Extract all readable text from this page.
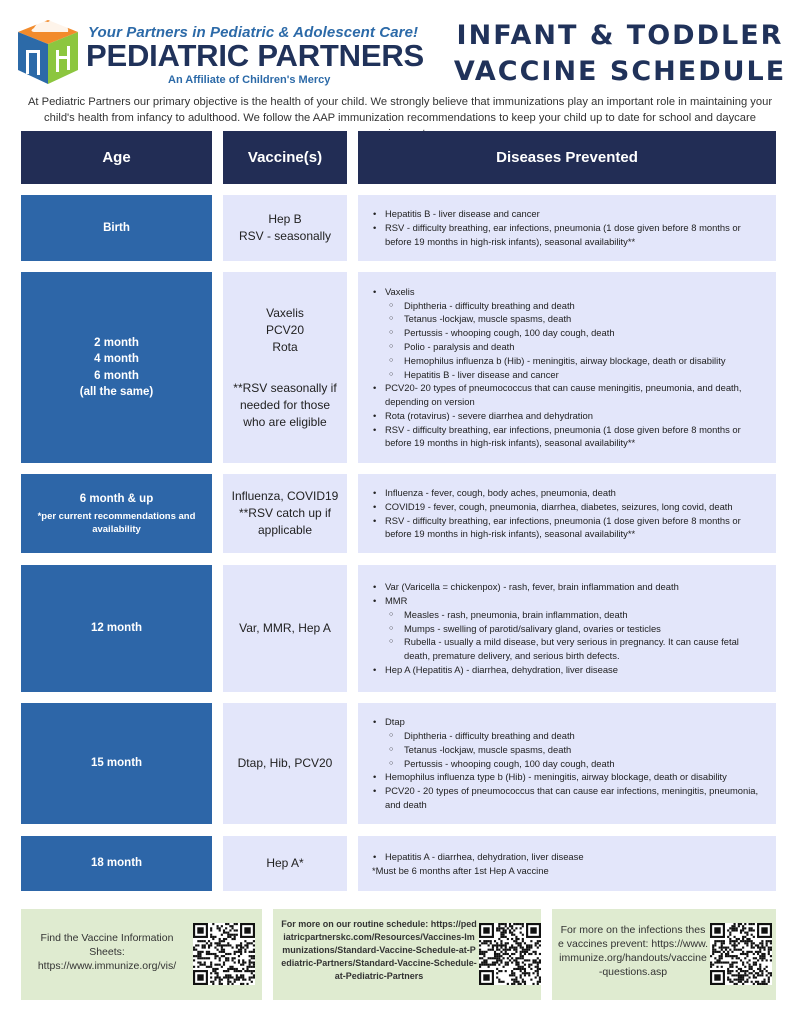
Your Partners in Pediatric & Adolescent Care!
PEDIATRIC PARTNERS
An Affiliate of Children's Mercy
INFANT & TODDLER
VACCINE SCHEDULE
At Pediatric Partners our primary objective is the health of your child. We strongly believe that immunizations play an important role in maintaining your child's health from infancy to adulthood. We follow the AAP immunization recommendations to keep your child up to date for school and daycare
Age	Vaccine(s)	Diseases Prevented
Birth
Hep B
RSV - seasonally
• Hepatitis B - liver disease and cancer
• RSV - difficulty breathing, ear infections, pneumonia (1 dose given before 8 months or before 19 months in high-risk infants), seasonal availability**
2 month
4 month
6 month
(all the same)
Vaxelis
PCV20
Rota
**RSV seasonally if needed for those who are eligible
• Vaxelis
○ Diphtheria - difficulty breathing and death
○ Tetanus -lockjaw, muscle spasms, death
○ Pertussis - whooping cough, 100 day cough, death
○ Polio - paralysis and death
○ Hemophilus influenza b (Hib) - meningitis, airway blockage, death or disability
○ Hepatitis B - liver disease and cancer
• PCV20- 20 types of pneumococcus that can cause meningitis, pneumonia, and death, depending on version
• Rota (rotavirus) - severe diarrhea and dehydration
• RSV - difficulty breathing, ear infections, pneumonia (1 dose given before 8 months or before 19 months in high-risk infants), seasonal availability**
6 month & up
*per current recommendations and availability
Influenza, COVID19
**RSV catch up if
applicable
• Influenza - fever, cough, body aches, pneumonia, death
• COVID19 - fever, cough, pneumonia, diarrhea, diabetes, seizures, long covid, death
• RSV - difficulty breathing, ear infections, pneumonia (1 dose given before 8 months or before 19 months in high-risk infants), seasonal availability**
12 month	Var, MMR, Hep A
• Var (Varicella = chickenpox) - rash, fever, brain inflammation and death
• MMR
○ Measles - rash, pneumonia, brain inflammation, death
○ Mumps - swelling of parotid/salivary gland, ovaries or testicles
○ Rubella - usually a mild disease, but very serious in pregnancy. It can cause fetal death, premature delivery, and serious birth defects.
• Hep A (Hepatitis A) - diarrhea, dehydration, liver disease
15 month	Dtap, Hib, PCV20
• Dtap
○ Diphtheria - difficulty breathing and death
○ Tetanus -lockjaw, muscle spasms, death
○ Pertussis - whooping cough, 100 day cough, death
• Hemophilus influenza type b (Hib) - meningitis, airway blockage, death or disability
• PCV20 - 20 types of pneumococcus that can cause ear infections, meningitis, pneumonia, and death
18 month	Hep A*
•	Hepatitis A - diarrhea, dehydration, liver disease
*Must be 6 months after 1st Hep A vaccine
Find the Vaccine Information Sheets: https://www.immunize.org/vis/
For more on our routine schedule: https://pediatricpartnerskc.com/Resources/Vaccines-Immunizations/Standard-Vaccine-Schedule-at-Pediatric-Partners/Standard-Vaccine-Schedule-at-Pediatric-Partners
For more on the infections these vaccines prevent: https://www.immunize.org/handouts/vaccine-questions.asp
